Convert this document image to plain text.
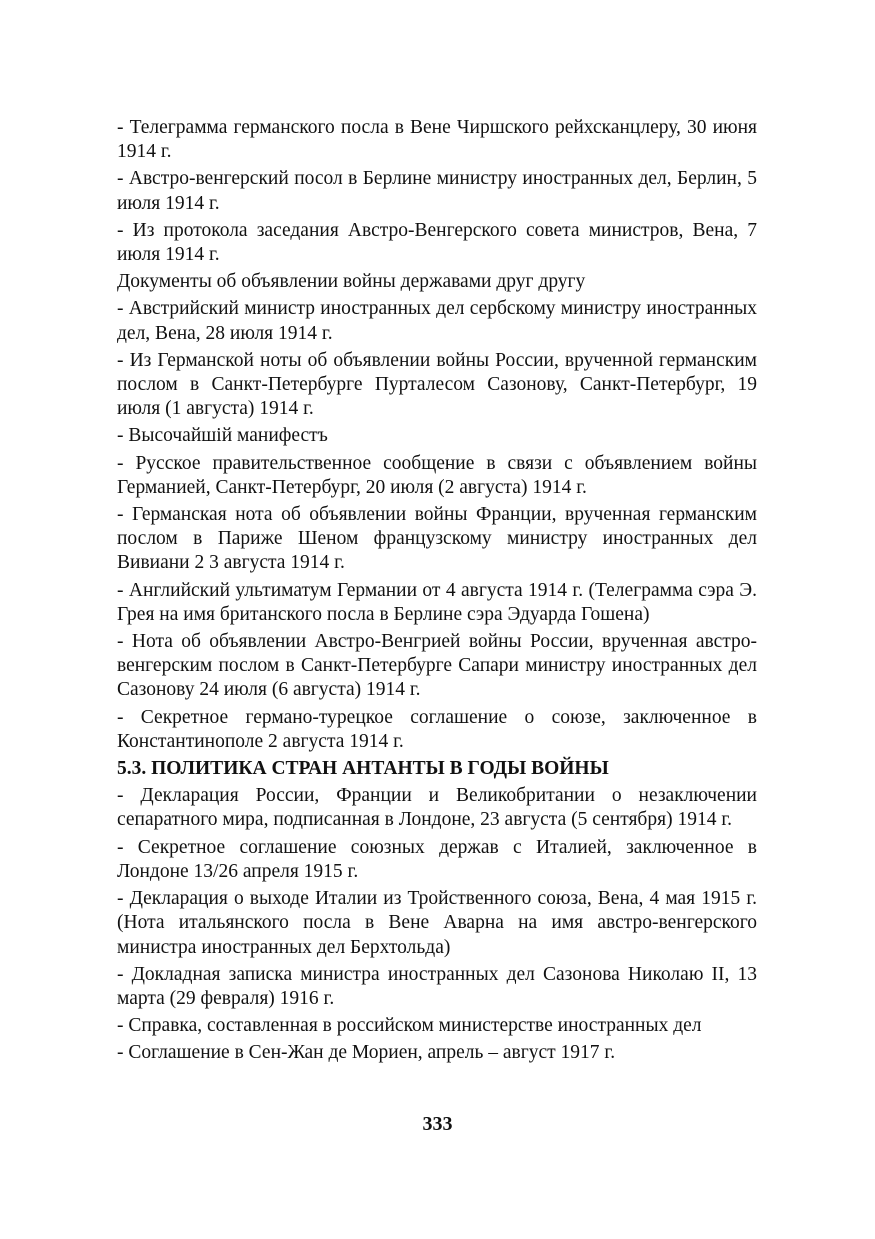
- Телеграмма германского посла в Вене Чиршского рейхсканцлеру, 30 июня 1914 г.

- Австро-венгерский посол в Берлине министру иностранных дел, Берлин, 5 июля 1914 г.

- Из протокола заседания Австро-Венгерского совета министров, Вена, 7 июля 1914 г.

Документы об объявлении войны державами друг другу

- Австрийский министр иностранных дел сербскому министру иностранных дел, Вена, 28 июля 1914 г.

- Из Германской ноты об объявлении войны России, врученной германским послом в Санкт-Петербурге Пурталесом Сазонову, Санкт-Петербург, 19 июля (1 августа) 1914 г.

- Высочайшій манифестъ

- Русское правительственное сообщение в связи с объявлением войны Германией, Санкт-Петербург, 20 июля (2 августа) 1914 г.

- Германская нота об объявлении войны Франции, врученная германским послом в Париже Шеном французскому министру иностранных дел Вивиани 2 3 августа 1914 г.

- Английский ультиматум Германии от 4 августа 1914 г. (Телеграмма сэра Э. Грея на имя британского посла в Берлине сэра Эдуарда Гошена)

- Нота об объявлении Австро-Венгрией войны России, врученная австро-венгерским послом в Санкт-Петербурге Сапари министру иностранных дел Сазонову 24 июля (6 августа) 1914 г.

- Секретное германо-турецкое соглашение о союзе, заключенное в Константинополе 2 августа 1914 г.

5.3. ПОЛИТИКА СТРАН АНТАНТЫ В ГОДЫ ВОЙНЫ

- Декларация России, Франции и Великобритании о незаключении сепаратного мира, подписанная в Лондоне, 23 августа (5 сентября) 1914 г.

- Секретное соглашение союзных держав с Италией, заключенное в Лондоне 13/26 апреля 1915 г.

- Декларация о выходе Италии из Тройственного союза, Вена, 4 мая 1915 г. (Нота итальянского посла в Вене Аварна на имя австро-венгерского министра иностранных дел Берхтольда)

- Докладная записка министра иностранных дел Сазонова Николаю II, 13 марта (29 февраля) 1916 г.

- Справка, составленная в российском министерстве иностранных дел

- Соглашение в Сен-Жан де Мориен, апрель – август 1917 г.

333
